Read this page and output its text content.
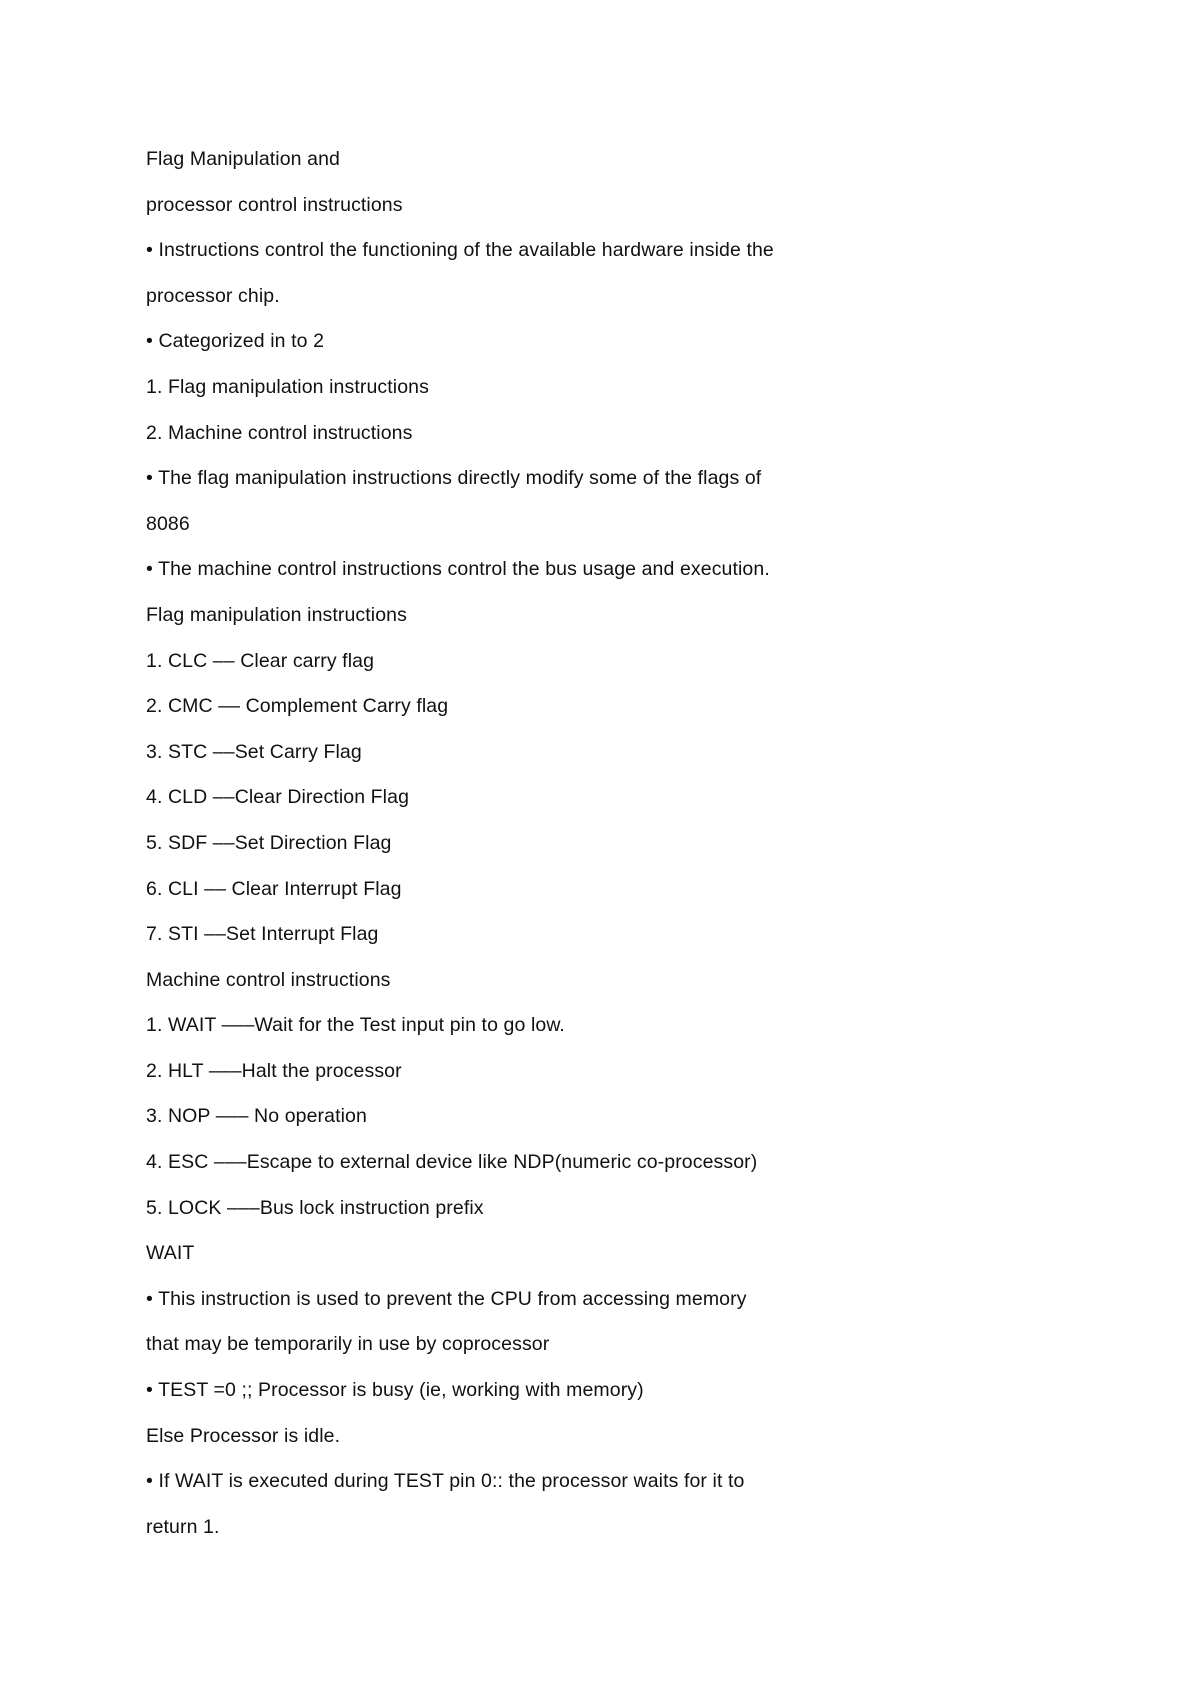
Flag Manipulation and
processor control instructions
• Instructions control the functioning of the available hardware inside the
processor chip.
• Categorized in to 2
1. Flag manipulation instructions
2. Machine control instructions
• The flag manipulation instructions directly modify some of the flags of
8086
• The machine control instructions control the bus usage and execution.
Flag manipulation instructions
1. CLC –– Clear carry flag
2. CMC –– Complement Carry flag
3. STC ––Set Carry Flag
4. CLD ––Clear Direction Flag
5. SDF ––Set Direction Flag
6. CLI –– Clear Interrupt Flag
7. STI ––Set Interrupt Flag
Machine control instructions
1. WAIT –––Wait for the Test input pin to go low.
2. HLT –––Halt the processor
3. NOP ––– No operation
4. ESC –––Escape to external device like NDP(numeric co-processor)
5. LOCK –––Bus lock instruction prefix
WAIT
• This instruction is used to prevent the CPU from accessing memory
that may be temporarily in use by coprocessor
• TEST =0 ;; Processor is busy (ie, working with memory)
Else Processor is idle.
• If WAIT is executed during TEST pin 0:: the processor waits for it to
return 1.
